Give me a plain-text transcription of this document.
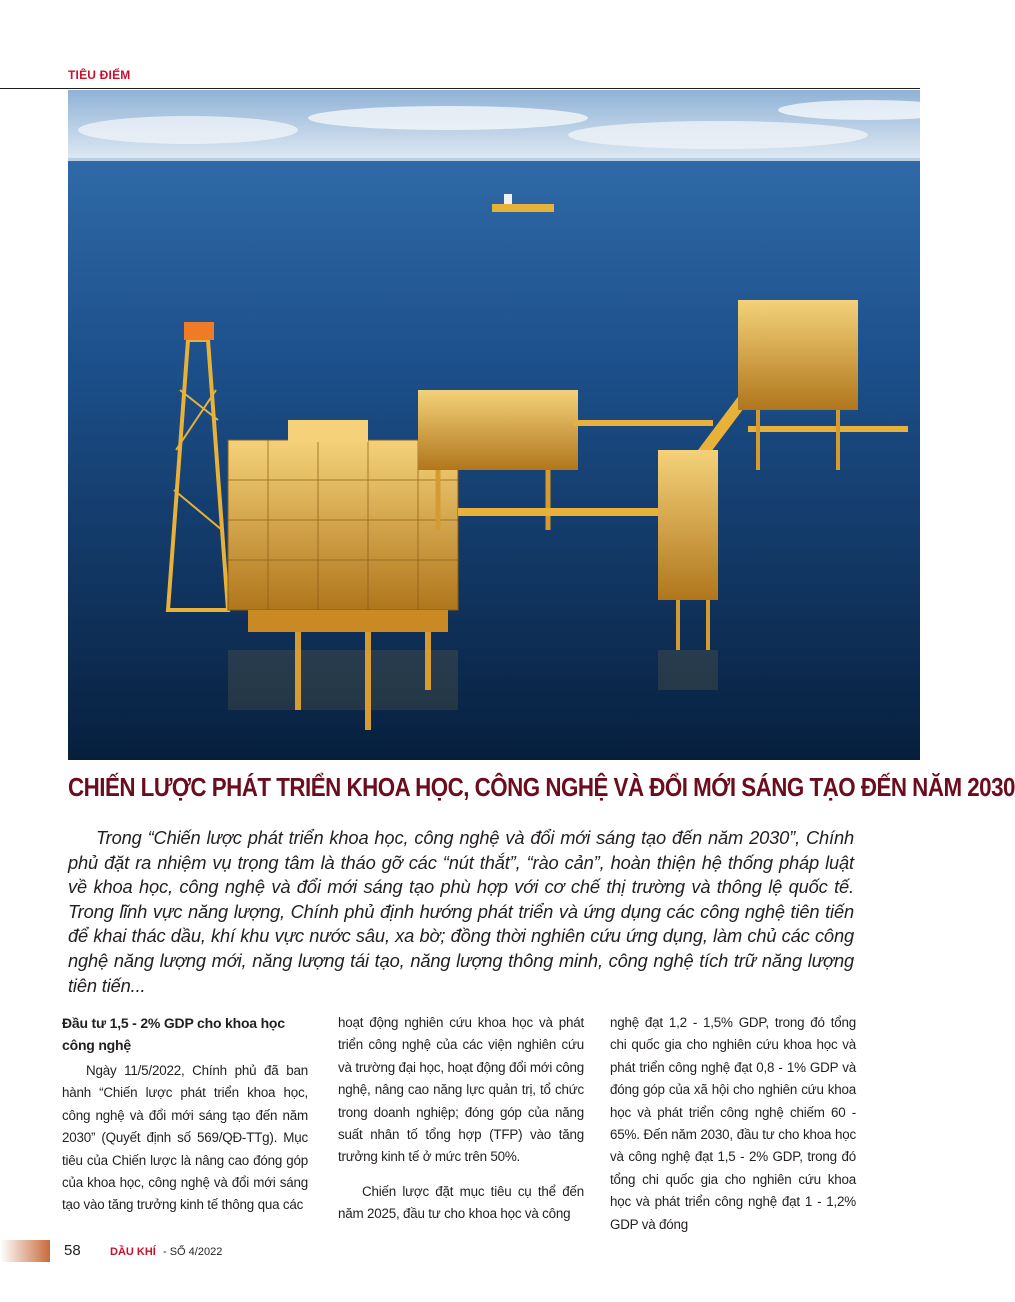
TIÊU ĐIỂM
CHIẾN LƯỢC PHÁT TRIỂN KHOA HỌC, CÔNG NGHỆ VÀ ĐỔI MỚI SÁNG TẠO ĐẾN NĂM 2030

Trong “Chiến lược phát triển khoa học, công nghệ và đổi mới sáng tạo đến năm 2030”, Chính phủ đặt ra nhiệm vụ trọng tâm là tháo gỡ các “nút thắt”, “rào cản”, hoàn thiện hệ thống pháp luật về khoa học, công nghệ và đổi mới sáng tạo phù hợp với cơ chế thị trường và thông lệ quốc tế. Trong lĩnh vực năng lượng, Chính phủ định hướng phát triển và ứng dụng các công nghệ tiên tiến để khai thác dầu, khí khu vực nước sâu, xa bờ; đồng thời nghiên cứu ứng dụng, làm chủ các công nghệ năng lượng mới, năng lượng tái tạo, năng lượng thông minh, công nghệ tích trữ năng lượng tiên tiến...

Đầu tư 1,5 - 2% GDP cho khoa học công nghệ

Ngày 11/5/2022, Chính phủ đã ban hành “Chiến lược phát triển khoa học, công nghệ và đổi mới sáng tạo đến năm 2030” (Quyết định số 569/QĐ-TTg). Mục tiêu của Chiến lược là nâng cao đóng góp của khoa học, công nghệ và đổi mới sáng tạo vào tăng trưởng kinh tế thông qua các

hoạt động nghiên cứu khoa học và phát triển công nghệ của các viện nghiên cứu và trường đại học, hoạt động đổi mới công nghệ, nâng cao năng lực quản trị, tổ chức trong doanh nghiệp; đóng góp của năng suất nhân tố tổng hợp (TFP) vào tăng trưởng kinh tế ở mức trên 50%.

Chiến lược đặt mục tiêu cụ thể đến năm 2025, đầu tư cho khoa học và công

nghệ đạt 1,2 - 1,5% GDP, trong đó tổng chi quốc gia cho nghiên cứu khoa học và phát triển công nghệ đạt 0,8 - 1% GDP và đóng góp của xã hội cho nghiên cứu khoa học và phát triển công nghệ chiếm 60 - 65%. Đến năm 2030, đầu tư cho khoa học và công nghệ đạt 1,5 - 2% GDP, trong đó tổng chi quốc gia cho nghiên cứu khoa học và phát triển công nghệ đạt 1 - 1,2% GDP và đóng

58	DẦU KHÍ - SỐ 4/2022
